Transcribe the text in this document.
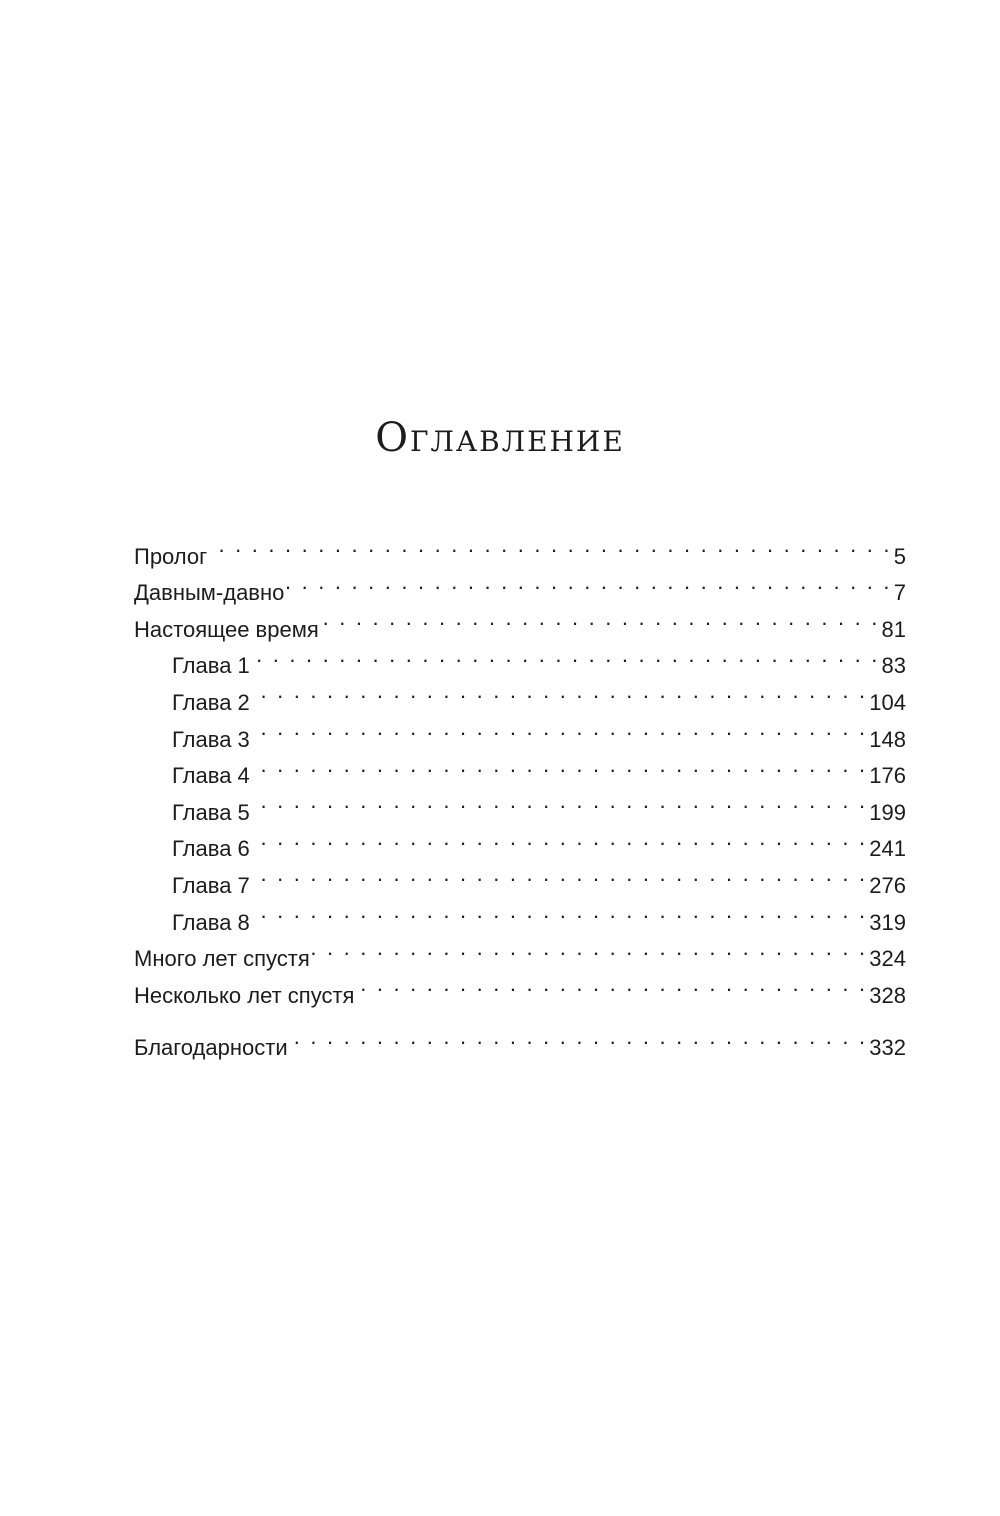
Оглавление
Пролог . . .	5
Давным-давно . . .	7
Настоящее время . . .	81
Глава 1 . . .	83
Глава 2 . . .	104
Глава 3 . . .	148
Глава 4 . . .	176
Глава 5 . . .	199
Глава 6 . . .	241
Глава 7 . . .	276
Глава 8 . . .	319
Много лет спустя . . .	324
Несколько лет спустя . . .	328
Благодарности . . .	332
